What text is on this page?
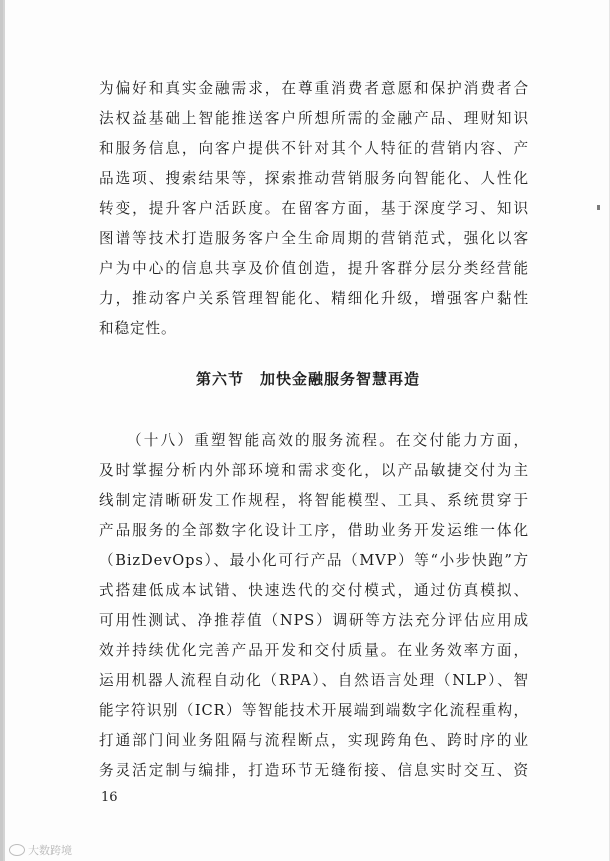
为偏好和真实金融需求，在尊重消费者意愿和保护消费者合
法权益基础上智能推送客户所想所需的金融产品、理财知识
和服务信息，向客户提供不针对其个人特征的营销内容、产
品选项、搜索结果等，探索推动营销服务向智能化、人性化
转变，提升客户活跃度。在留客方面，基于深度学习、知识
图谱等技术打造服务客户全生命周期的营销范式，强化以客
户为中心的信息共享及价值创造，提升客群分层分类经营能
力，推动客户关系管理智能化、精细化升级，增强客户黏性
和稳定性。
第六节　加快金融服务智慧再造
（十八）重塑智能高效的服务流程。在交付能力方面，
及时掌握分析内外部环境和需求变化，以产品敏捷交付为主
线制定清晰研发工作规程，将智能模型、工具、系统贯穿于
产品服务的全部数字化设计工序，借助业务开发运维一体化
（BizDevOps）、最小化可行产品（MVP）等“小步快跑”方
式搭建低成本试错、快速迭代的交付模式，通过仿真模拟、
可用性测试、净推荐值（NPS）调研等方法充分评估应用成
效并持续优化完善产品开发和交付质量。在业务效率方面，
运用机器人流程自动化（RPA）、自然语言处理（NLP）、智
能字符识别（ICR）等智能技术开展端到端数字化流程重构，
打通部门间业务阻隔与流程断点，实现跨角色、跨时序的业
务灵活定制与编排，打造环节无缝衔接、信息实时交互、资
16
大数跨境
